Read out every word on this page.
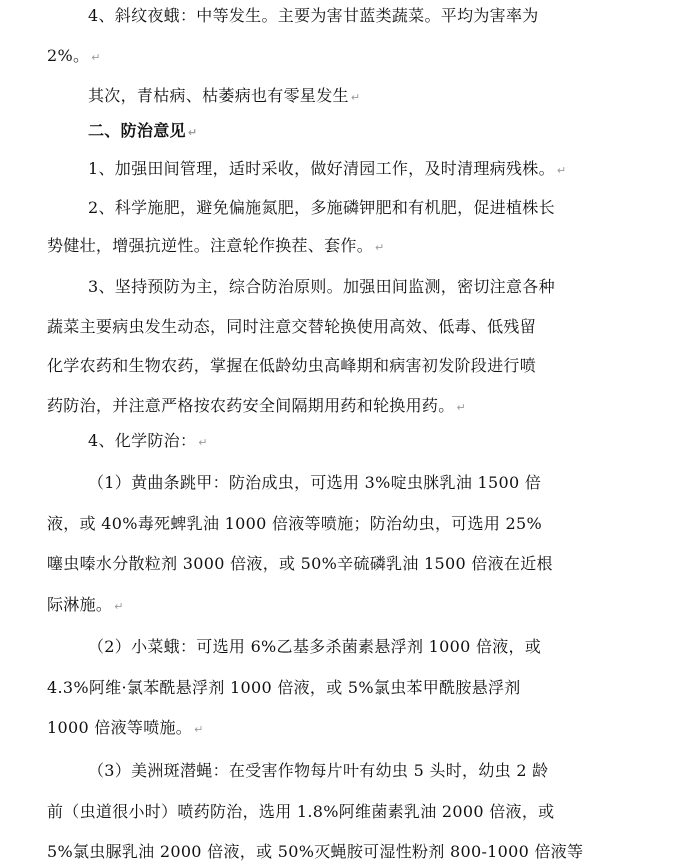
4、斜纹夜蛾：中等发生。主要为害甘蓝类蔬菜。平均为害率为
2%。 ↵
其次，青枯病、枯萎病也有零星发生 ↵
二、防治意见 ↵
1、加强田间管理，适时采收，做好清园工作，及时清理病残株。 ↵
2、科学施肥，避免偏施氮肥，多施磷钾肥和有机肥，促进植株长
势健壮，增强抗逆性。注意轮作换茬、套作。 ↵
3、坚持预防为主，综合防治原则。加强田间监测，密切注意各种
蔬菜主要病虫发生动态，同时注意交替轮换使用高效、低毒、低残留
化学农药和生物农药，掌握在低龄幼虫高峰期和病害初发阶段进行喷
药防治，并注意严格按农药安全间隔期用药和轮换用药。 ↵
4、化学防治： ↵
（1）黄曲条跳甲：防治成虫，可选用 3%啶虫脒乳油 1500 倍
液，或 40%毒死蜱乳油 1000 倍液等喷施；防治幼虫，可选用 25%
噻虫嗪水分散粒剂 3000 倍液，或 50%辛硫磷乳油 1500 倍液在近根
际淋施。 ↵
（2）小菜蛾：可选用 6%乙基多杀菌素悬浮剂 1000 倍液，或
4.3%阿维·氯苯酰悬浮剂 1000 倍液，或 5%氯虫苯甲酰胺悬浮剂
1000 倍液等喷施。 ↵
（3）美洲斑潜蝇：在受害作物每片叶有幼虫 5 头时，幼虫 2 龄
前（虫道很小时）喷药防治，选用 1.8%阿维菌素乳油 2000 倍液，或
5%氯虫脲乳油 2000 倍液，或 50%灭蝇胺可湿性粉剂 800-1000 倍液等
